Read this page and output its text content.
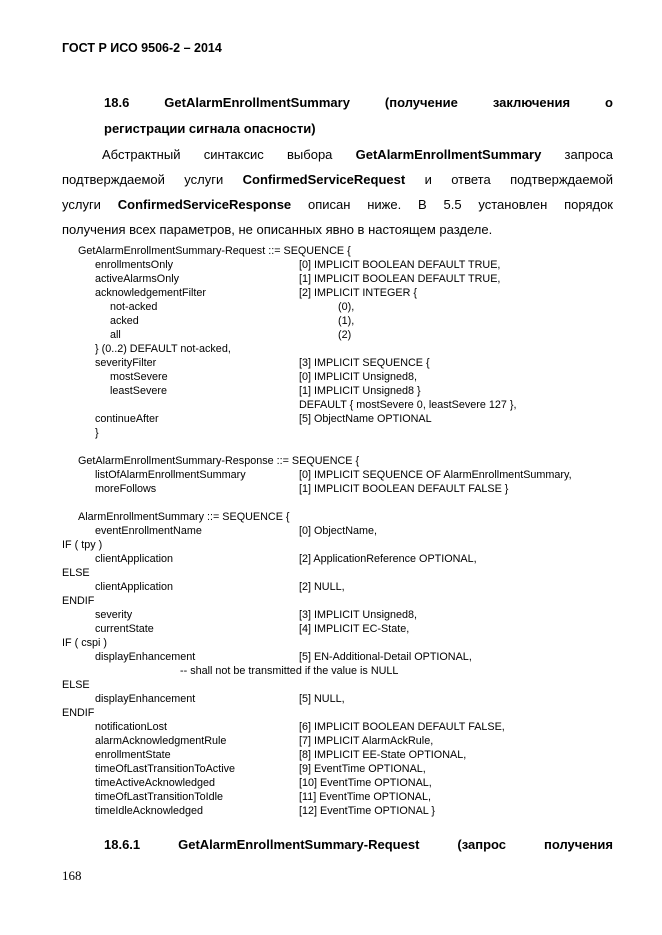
ГОСТ Р ИСО 9506-2 – 2014
18.6 GetAlarmEnrollmentSummary (получение заключения о
регистрации сигнала опасности)
Абстрактный синтаксис выбора GetAlarmEnrollmentSummary запроса
подтверждаемой услуги ConfirmedServiceRequest и ответа подтверждаемой
услуги ConfirmedServiceResponse описан ниже. В 5.5 установлен порядок
получения всех параметров, не описанных явно в настоящем разделе.
GetAlarmEnrollmentSummary-Request ::= SEQUENCE {
enrollmentsOnly	[0] IMPLICIT BOOLEAN DEFAULT TRUE,
activeAlarmsOnly	[1] IMPLICIT BOOLEAN DEFAULT TRUE,
acknowledgementFilter	[2] IMPLICIT INTEGER {
not-acked	(0),
acked	(1),
all	(2)
} (0..2) DEFAULT not-acked,
severityFilter	[3] IMPLICIT SEQUENCE {
mostSevere	[0] IMPLICIT Unsigned8,
leastSevere	[1] IMPLICIT Unsigned8 }
DEFAULT { mostSevere 0, leastSevere 127 },
continueAfter	[5] ObjectName OPTIONAL
}
GetAlarmEnrollmentSummary-Response ::= SEQUENCE {
listOfAlarmEnrollmentSummary	[0] IMPLICIT SEQUENCE OF AlarmEnrollmentSummary,
moreFollows	[1] IMPLICIT BOOLEAN DEFAULT FALSE }
AlarmEnrollmentSummary ::= SEQUENCE {
eventEnrollmentName	[0] ObjectName,
IF ( tpy )
clientApplication	[2] ApplicationReference OPTIONAL,
ELSE
clientApplication	[2] NULL,
ENDIF
severity	[3] IMPLICIT Unsigned8,
currentState	[4] IMPLICIT EC-State,
IF ( cspi )
displayEnhancement	[5] EN-Additional-Detail OPTIONAL,
-- shall not be transmitted if the value is NULL
ELSE
displayEnhancement	[5] NULL,
ENDIF
notificationLost	[6] IMPLICIT BOOLEAN DEFAULT FALSE,
alarmAcknowledgmentRule	[7] IMPLICIT AlarmAckRule,
enrollmentState	[8] IMPLICIT EE-State OPTIONAL,
timeOfLastTransitionToActive	[9] EventTime OPTIONAL,
timeActiveAcknowledged	[10] EventTime OPTIONAL,
timeOfLastTransitionToIdle	[11] EventTime OPTIONAL,
timeIdleAcknowledged	[12] EventTime OPTIONAL }
18.6.1 GetAlarmEnrollmentSummary-Request (запрос получения
168
